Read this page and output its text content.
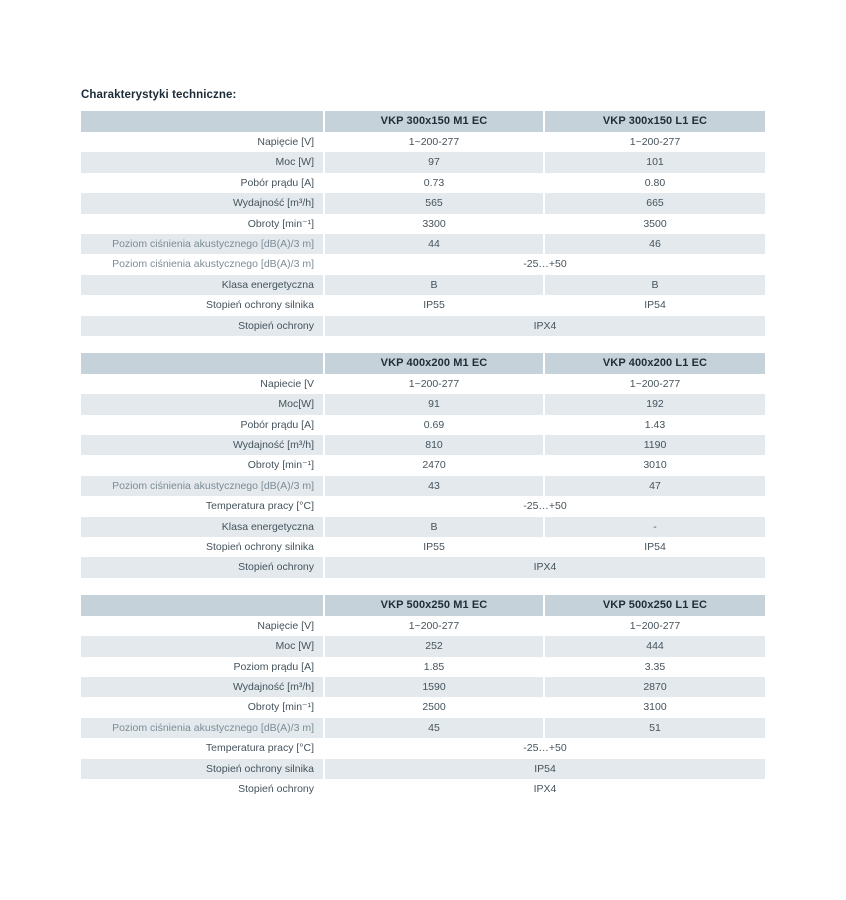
Charakterystyki techniczne:

	VKP 300x150 M1 EC	VKP 300x150 L1 EC

Napięcie [V]	1~200-277	1~200-277

Moc [W]	97	101

Pobór prądu [A]	0.73	0.80

Wydajność [m³/h]	565	665

Obroty [min⁻¹]	3300	3500

Poziom ciśnienia akustycznego [dB(A)/3 m]	44	46

Poziom ciśnienia akustycznego [dB(A)/3 m]	-25…+50	

Klasa energetyczna	B	B

Stopień ochrony silnika	IP55	IP54

Stopień ochrony	IPX4	

	VKP 400x200 M1 EC	VKP 400x200 L1 EC

Napiecie [V	1~200-277	1~200-277

Moc[W]	91	192

Pobór prądu [A]	0.69	1.43

Wydajność [m³/h]	810	1190

Obroty [min⁻¹]	2470	3010

Poziom ciśnienia akustycznego [dB(A)/3 m]	43	47

Temperatura pracy [°C]	-25…+50	

Klasa energetyczna	B	-

Stopień ochrony silnika	IP55	IP54

Stopień ochrony	IPX4	

	VKP 500x250 M1 EC	VKP 500x250 L1 EC

Napięcie [V]	1~200-277	1~200-277

Moc [W]	252	444

Poziom prądu [A]	1.85	3.35

Wydajność [m³/h]	1590	2870

Obroty [min⁻¹]	2500	3100

Poziom ciśnienia akustycznego [dB(A)/3 m]	45	51

Temperatura pracy [°C]	-25…+50	

Stopień ochrony silnika	IP54	

Stopień ochrony	IPX4	
